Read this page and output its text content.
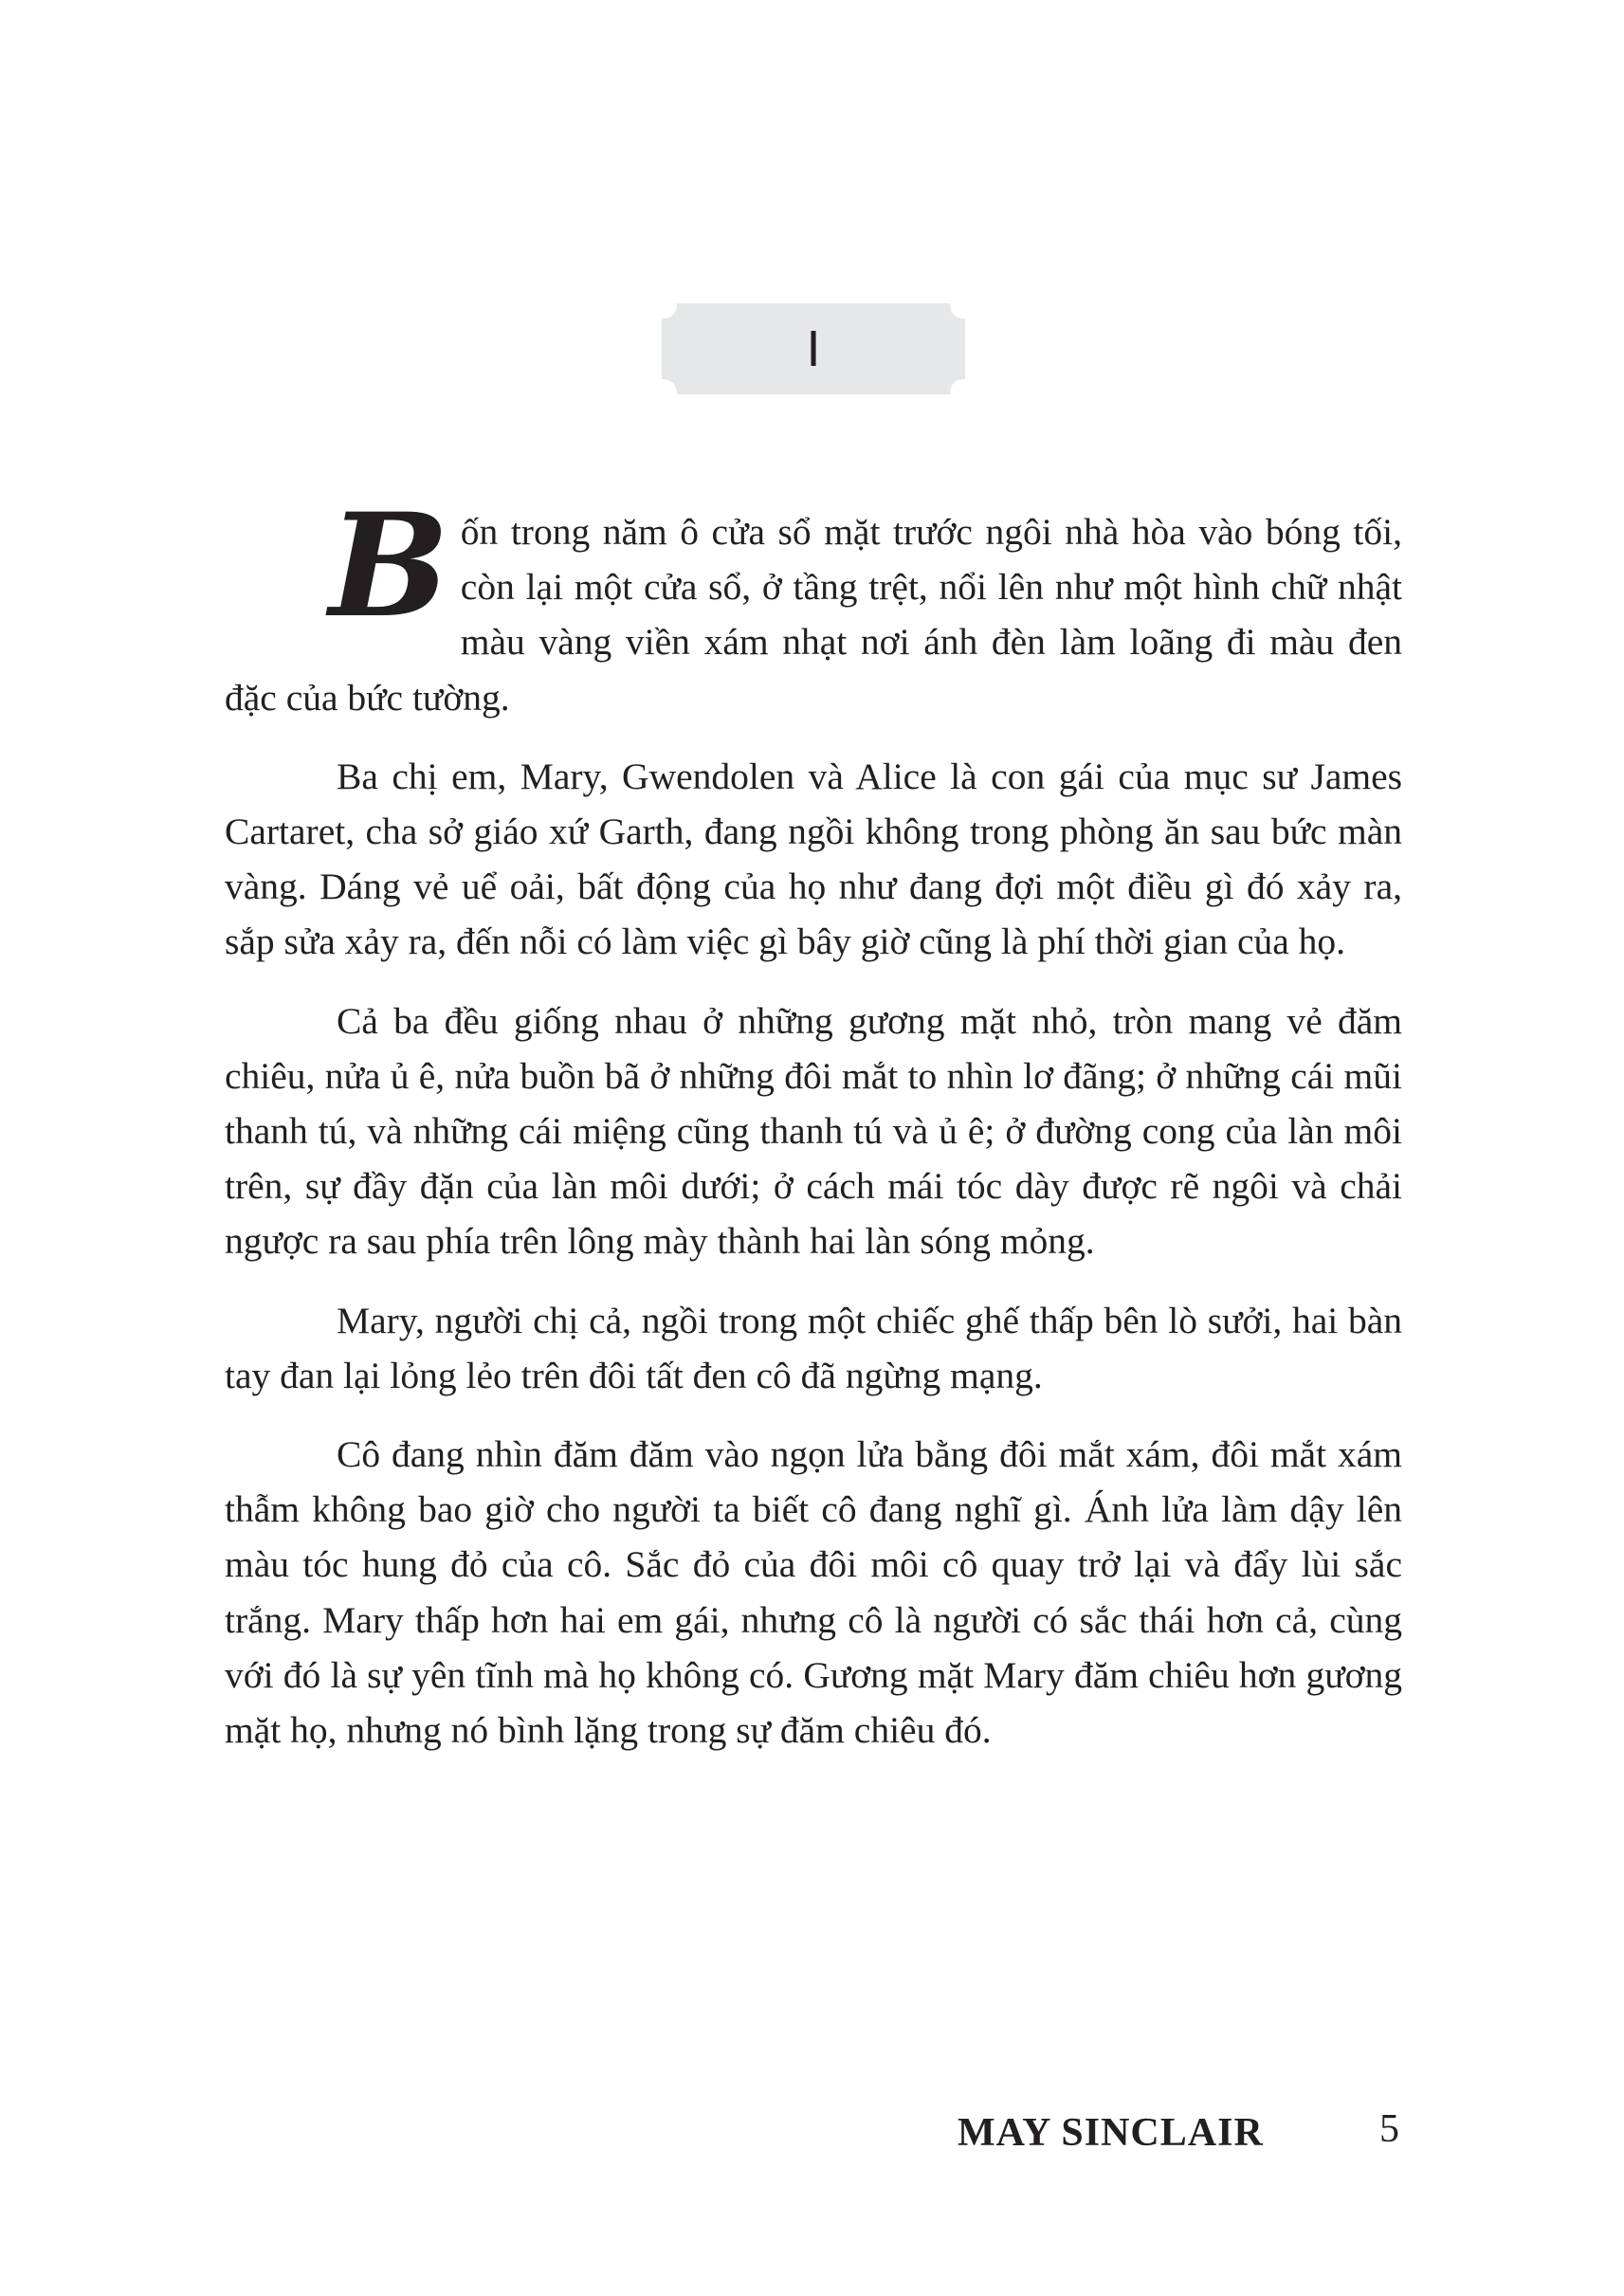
I

Bốn trong năm ô cửa sổ mặt trước ngôi nhà hòa vào bóng tối, còn lại một cửa sổ, ở tầng trệt, nổi lên như một hình chữ nhật màu vàng viền xám nhạt nơi ánh đèn làm loãng đi màu đen đặc của bức tường.

Ba chị em, Mary, Gwendolen và Alice là con gái của mục sư James Cartaret, cha sở giáo xứ Garth, đang ngồi không trong phòng ăn sau bức màn vàng. Dáng vẻ uể oải, bất động của họ như đang đợi một điều gì đó xảy ra, sắp sửa xảy ra, đến nỗi có làm việc gì bây giờ cũng là phí thời gian của họ.

Cả ba đều giống nhau ở những gương mặt nhỏ, tròn mang vẻ đăm chiêu, nửa ủ ê, nửa buồn bã ở những đôi mắt to nhìn lơ đãng; ở những cái mũi thanh tú, và những cái miệng cũng thanh tú và ủ ê; ở đường cong của làn môi trên, sự đầy đặn của làn môi dưới; ở cách mái tóc dày được rẽ ngôi và chải ngược ra sau phía trên lông mày thành hai làn sóng mỏng.

Mary, người chị cả, ngồi trong một chiếc ghế thấp bên lò sưởi, hai bàn tay đan lại lỏng lẻo trên đôi tất đen cô đã ngừng mạng.

Cô đang nhìn đăm đăm vào ngọn lửa bằng đôi mắt xám, đôi mắt xám thẫm không bao giờ cho người ta biết cô đang nghĩ gì. Ánh lửa làm dậy lên màu tóc hung đỏ của cô. Sắc đỏ của đôi môi cô quay trở lại và đẩy lùi sắc trắng. Mary thấp hơn hai em gái, nhưng cô là người có sắc thái hơn cả, cùng với đó là sự yên tĩnh mà họ không có. Gương mặt Mary đăm chiêu hơn gương mặt họ, nhưng nó bình lặng trong sự đăm chiêu đó.

MAY SINCLAIR	5
